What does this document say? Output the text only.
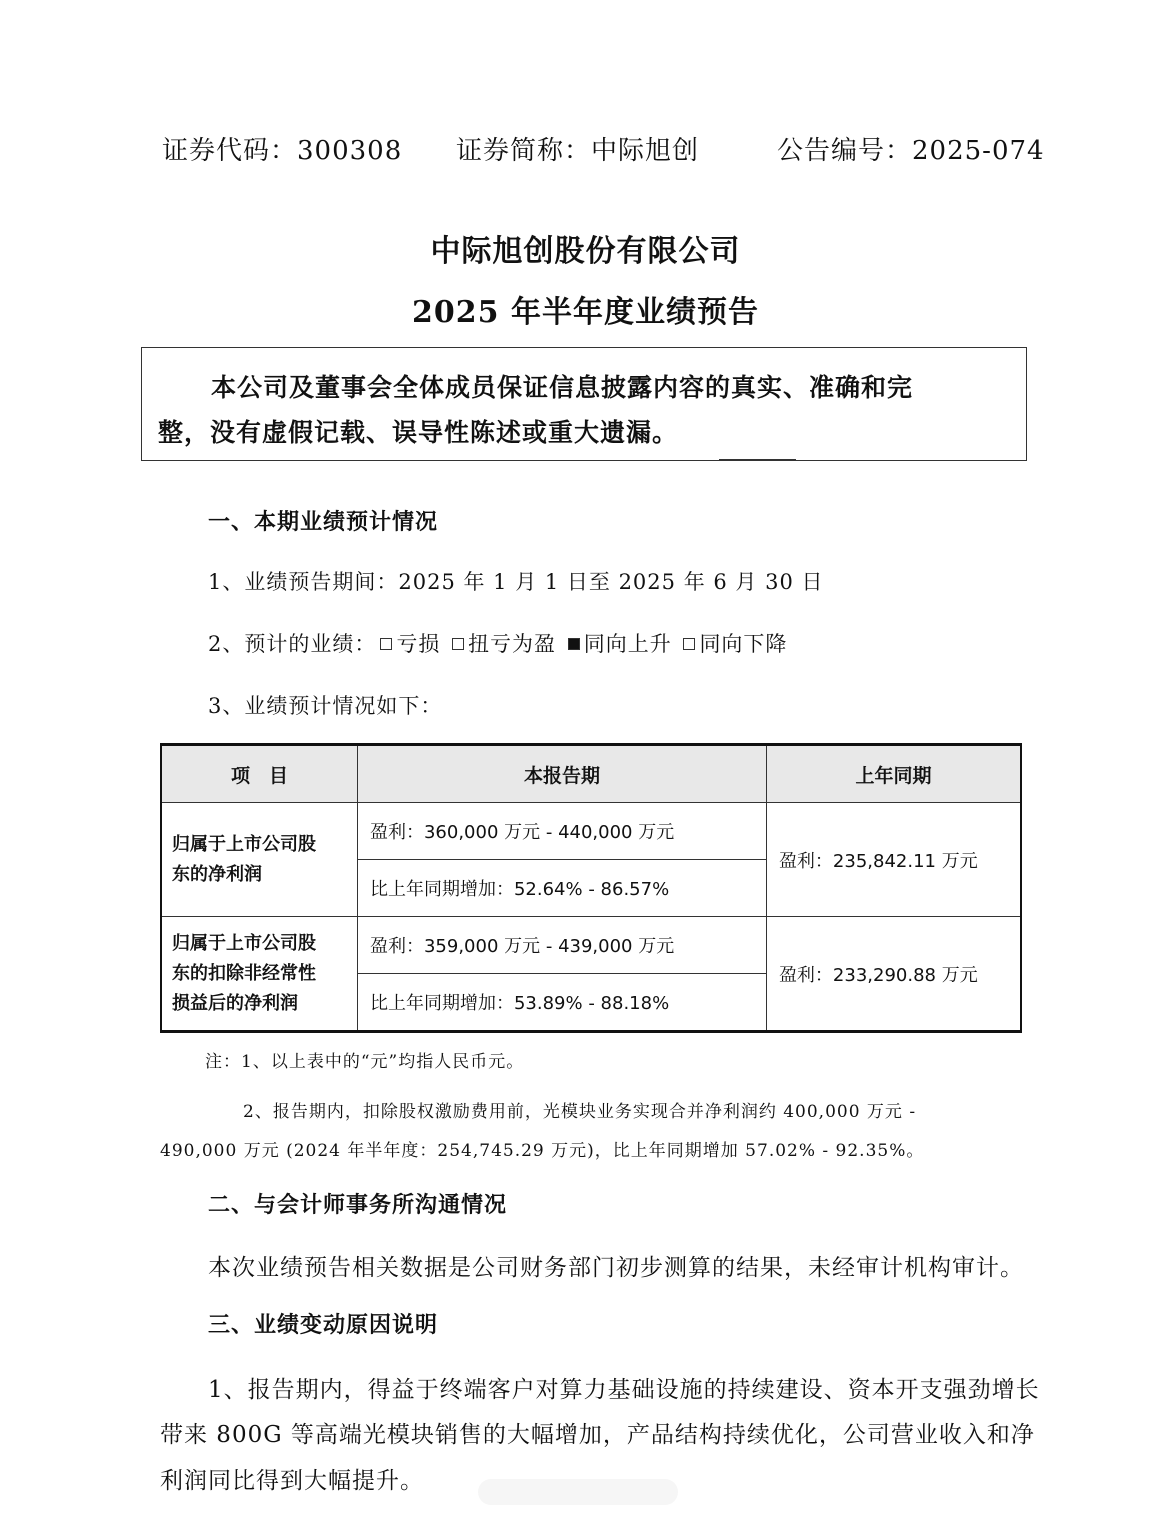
证券代码：300308 证券简称：中际旭创	公告编号：2025-074
中际旭创股份有限公司
2025 年半年度业绩预告
本公司及董事会全体成员保证信息披露内容的真实、准确和完
整，没有虚假记载、误导性陈述或重大遗漏。
一、本期业绩预计情况
1、业绩预告期间：2025 年 1 月 1 日至 2025 年 6 月 30 日
2、预计的业绩： 亏损 扭亏为盈 同向上升 同向下降
3、业绩预计情况如下：
项　目	本报告期	上年同期

归属于上市公司股
东的净利润	盈利：360,000 万元 - 440,000 万元	盈利：235,842.11 万元
	比上年同期增加：52.64% - 86.57%	

归属于上市公司股
东的扣除非经常性
损益后的净利润	盈利：359,000 万元 - 439,000 万元	盈利：233,290.88 万元
	比上年同期增加：53.89% - 88.18%	
注：1、以上表中的“元”均指人民币元。
2、报告期内，扣除股权激励费用前，光模块业务实现合并净利润约 400,000 万元 -
490,000 万元 (2024 年半年度：254,745.29 万元)，比上年同期增加 57.02% - 92.35%。
二、与会计师事务所沟通情况
本次业绩预告相关数据是公司财务部门初步测算的结果，未经审计机构审计。
三、业绩变动原因说明
1、报告期内，得益于终端客户对算力基础设施的持续建设、资本开支强劲增长
带来 800G 等高端光模块销售的大幅增加，产品结构持续优化，公司营业收入和净
利润同比得到大幅提升。
